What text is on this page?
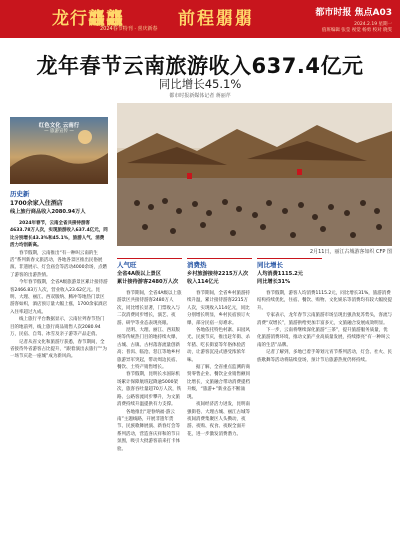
龙行龘龘	前程朤朤
2024春节特刊 · 喜庆新春
都市时报 焦点A03
2024.2.19 星期一
值班编辑 张莹 视觉 杨勇 校对 晓雯
龙年春节云南旅游收入637.4亿元
同比增长45.1%
都市时报新媒体记者 蒋丽芹
红色文化 云南行
— 旅游宣传 —
2月11日，丽江古城游客如织 CFP 图
历史新
1700余家入住酒店
线上旅行商品收入2080.94万人

2024年春节，云南全省共接待游客4633.78万人次，实现旅游收入637.4亿元，同比分别增长43.3%和45.1%，旅游人气、消费活力均创新高。

春节假期，云南推出“有一种叫云南的生活”系列新春文旅活动，各地各景区推出民俗展演、非遗展示、灯会庙会等活动4000余场，点燃了游客的出游热情。

今年春节假期，全省A级旅游景区累计接待游客2466.83万人次，营业收入23.62亿元。昆明、大理、丽江、西双版纳、腾冲等地热门景区游客如织，酒店预订量大幅上涨，1700余家酒店入住率超过九成。

线上旅行平台数据显示，云南位列春节热门目的地前列，线上旅行商品销售人次2080.94万，民宿、自驾、冰雪及亲子游等产品走俏。

记者从省文化和旅游厅获悉，春节期间，全省接待外省游客占比提升，“跟着演出去旅行”“为一场节庆赴一座城”成为新风尚。

人气旺
全省4A级以上景区
累计接待游客2480万人次

春节期间，全省4A级以上旅游景区共接待游客2480万人次，同比增长显著，门票收入与二次消费同步增长，演艺、夜游、研学等业态表现亮眼。

昆明、大理、丽江、西双版纳等传统热门目的地持续火爆，古城、古镇、古村落客流量创新高；普洱、临沧、怒江等地乡村旅游异军突起，带动周边民宿、餐饮、土特产销售增长。

春节假期，昆明长水国际机场累计保障航班起降逾5000架次，旅客吞吐量超70万人次，铁路、公路客流同步攀升，为文旅消费持续升温提供有力支撑。

各地推出“迎春纳福·游云南”主题线路，开展非遗年货节、民族歌舞展演、新春灯会等系列活动，营造喜庆祥和的节日氛围，吸引大批游客前来打卡体验。

消费热
乡村旅游接待2215万人次
收入114亿元

春节期间，全省乡村旅游持续升温，累计接待游客2215万人次，实现收入114亿元，同比分别增长明显，乡村民宿预订火爆，部分民宿一房难求。

各地依托特色村寨、田园风光、民族节庆，推出赶年街、杀年猪、吃长街宴等年俗体验活动，让游客沉浸式感受浓浓年味。

据了解，全省重点监测的商贸零售企业、餐饮企业销售额同比增长，文旅融合带动消费提档升级，“旅游+”新业态不断涌现。

夜间经济活力迸发，昆明南强街巷、大理古城、丽江古城等夜间消费集聚区人头攒动，夜游、夜购、夜食、夜娱全面开花，进一步激发消费潜力。

同比增长
人均消费1115.2元
同比增长31%

春节假期，游客人均消费1115.2元，同比增长31%，旅游消费结构持续优化，住宿、餐饮、购物、文化娱乐等消费均有较大幅度提升。

专家表示，龙年春节云南旅游市场呈现出强劲复苏势头，客流与消费“双增长”，旅游供给更加丰富多元，文旅融合发展成效明显。

下一步，云南将继续深化旅游“三茶”，提升旅游服务质量，优化旅游消费环境，推动文旅产业高质量发展，持续擦亮“有一种叫云南的生活”品牌。

记者了解到，多地已着手筹划元宵节系列活动，灯会、社火、民族歌舞等活动将陆续登场，预计节后旅游热度仍将持续。
